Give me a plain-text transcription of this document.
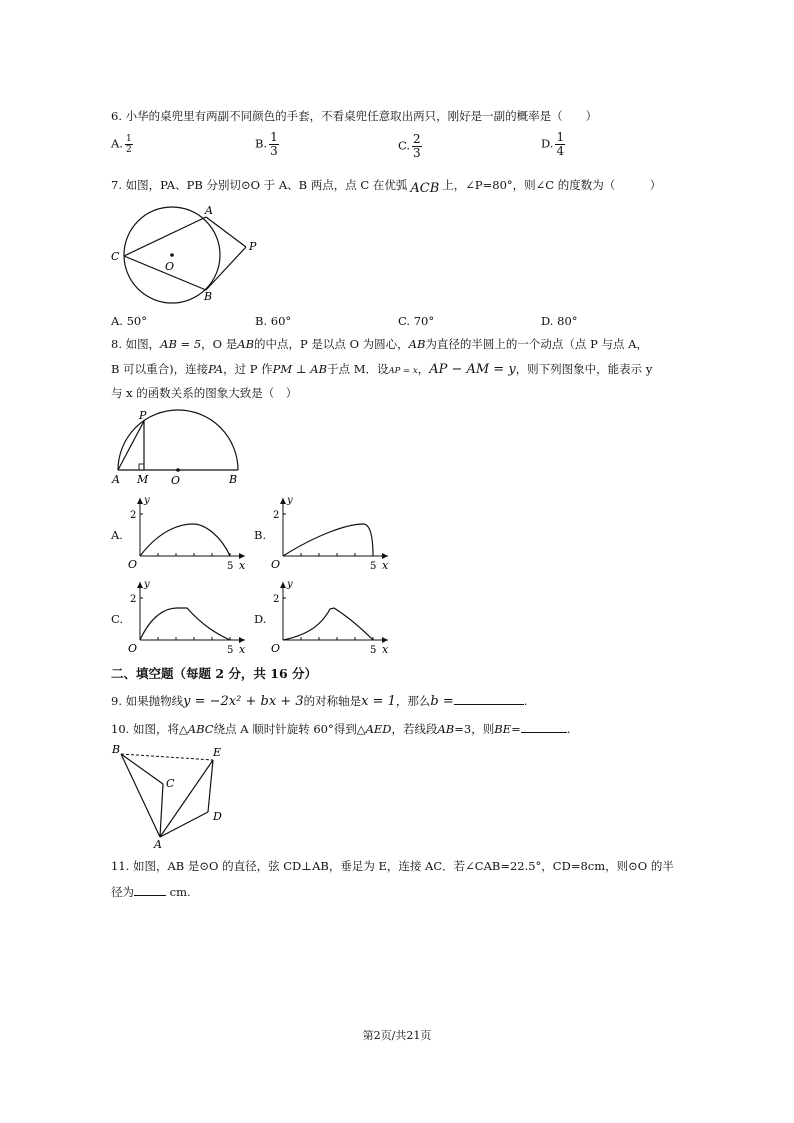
6. 小华的桌兜里有两副不同颜色的手套，不看桌兜任意取出两只，刚好是一副的概率是（　　）
A. $\frac{1}{2}$	B. $\frac{1}{3}$	C. $\frac{2}{3}$	D. $\frac{1}{4}$
7. 如图，PA、PB 分别切⊙O 于 A、B 两点，点 C 在优弧 ACB 上，∠P=80°，则∠C 的度数为（　　　）
A
B
C
O
P
A. 50°	B. 60°	C. 70°	D. 80°
8. 如图，AB = 5，O 是AB的中点，P 是以点 O 为圆心，AB为直径的半圆上的一个动点（点 P 与点 A，
B 可以重合)，连接PA，过 P 作PM ⊥ AB于点 M．设AP = x，AP − AM = y，则下列图象中，能表示 y
与 x 的函数关系的图象大致是（　）
A M O	B
P
A.	B.
C.	D.
y
2
O	5 x
y
2
O	5 x
y
2
O	5 x
y
2
O	5 x
二、填空题（每题 2 分，共 16 分）
9. 如果抛物线y = −2x² + bx + 3的对称轴是x = 1，那么b =	.
10. 如图，将△ABC绕点 A 顺时针旋转 60°得到△AED，若线段AB=3，则BE=	.
B	E
C
D
A
11. 如图，AB 是⊙O 的直径，弦 CD⊥AB，垂足为 E，连接 AC．若∠CAB=22.5°，CD=8cm，则⊙O 的半
径为	cm.
第2页/共21页
